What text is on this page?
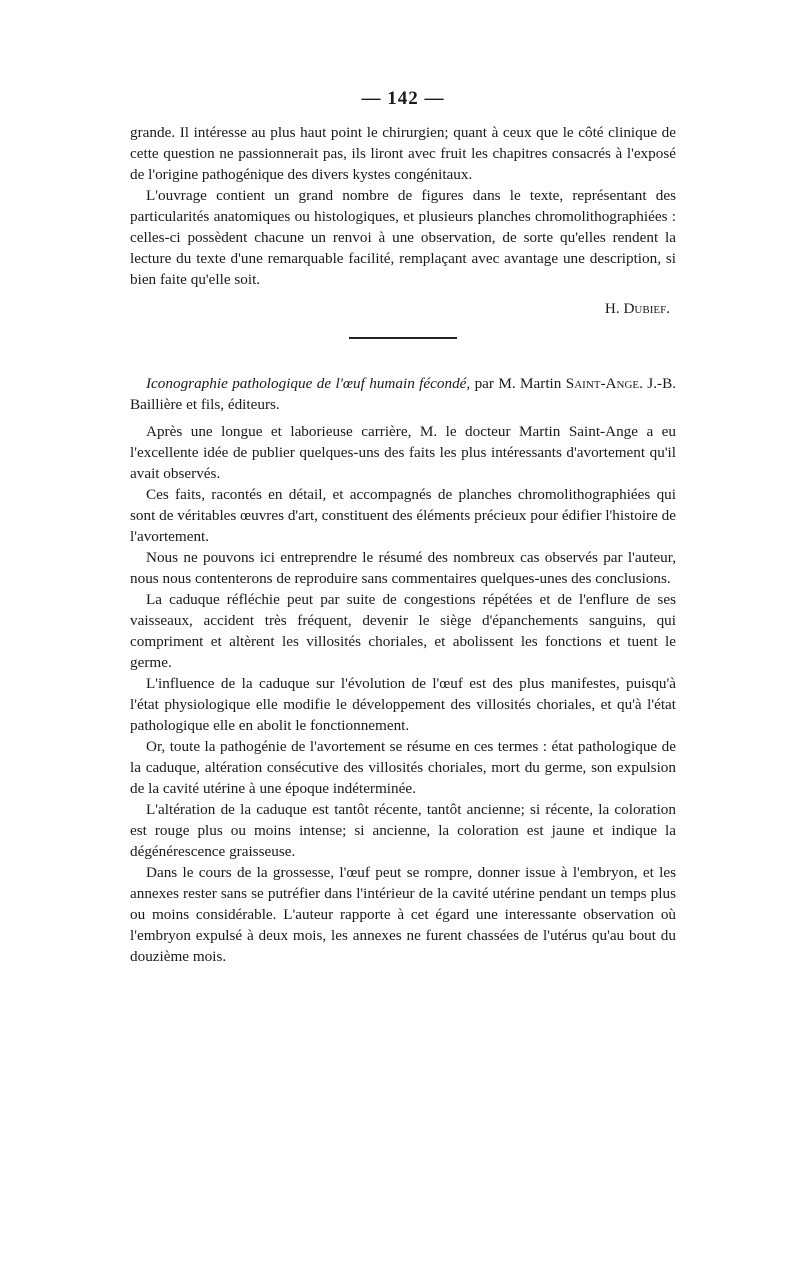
— 142 —

grande. Il intéresse au plus haut point le chirurgien; quant à ceux que le côté clinique de cette question ne passionnerait pas, ils liront avec fruit les chapitres consacrés à l'exposé de l'origine pathogénique des divers kystes congénitaux.

L'ouvrage contient un grand nombre de figures dans le texte, représentant des particularités anatomiques ou histologiques, et plusieurs planches chromolithographiées : celles-ci possèdent chacune un renvoi à une observation, de sorte qu'elles rendent la lecture du texte d'une remarquable facilité, remplaçant avec avantage une description, si bien faite qu'elle soit.

H. Dubief.
Iconographie pathologique de l'œuf humain fécondé, par M. Martin Saint-Ange. J.-B. Baillière et fils, éditeurs.

Après une longue et laborieuse carrière, M. le docteur Martin Saint-Ange a eu l'excellente idée de publier quelques-uns des faits les plus intéressants d'avortement qu'il avait observés.

Ces faits, racontés en détail, et accompagnés de planches chromolithographiées qui sont de véritables œuvres d'art, constituent des éléments précieux pour édifier l'histoire de l'avortement.

Nous ne pouvons ici entreprendre le résumé des nombreux cas observés par l'auteur, nous nous contenterons de reproduire sans commentaires quelques-unes des conclusions.

La caduque réfléchie peut par suite de congestions répétées et de l'enflure de ses vaisseaux, accident très fréquent, devenir le siège d'épanchements sanguins, qui compriment et altèrent les villosités choriales, et abolissent les fonctions et tuent le germe.

L'influence de la caduque sur l'évolution de l'œuf est des plus manifestes, puisqu'à l'état physiologique elle modifie le développement des villosités choriales, et qu'à l'état pathologique elle en abolit le fonctionnement.

Or, toute la pathogénie de l'avortement se résume en ces termes : état pathologique de la caduque, altération consécutive des villosités choriales, mort du germe, son expulsion de la cavité utérine à une époque indéterminée.

L'altération de la caduque est tantôt récente, tantôt ancienne; si récente, la coloration est rouge plus ou moins intense; si ancienne, la coloration est jaune et indique la dégénérescence graisseuse.

Dans le cours de la grossesse, l'œuf peut se rompre, donner issue à l'embryon, et les annexes rester sans se putréfier dans l'intérieur de la cavité utérine pendant un temps plus ou moins considérable. L'auteur rapporte à cet égard une interessante observation où l'embryon expulsé à deux mois, les annexes ne furent chassées de l'utérus qu'au bout du douzième mois.
